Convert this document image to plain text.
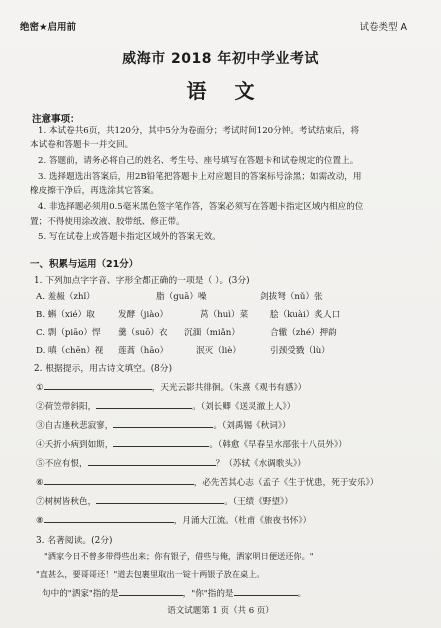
绝密★启用前	试卷类型 A
威海市 2018 年初中学业考试
语文
注意事项：
1. 本试卷共6页，共120分，其中5分为卷面分；考试时间120分钟。考试结束后，将
本试卷和答题卡一并交回。
2. 答题前，请务必将自己的姓名、考生号、座号填写在答题卡和试卷规定的位置上。
3. 选择题选出答案后，用2B铅笔把答题卡上对应题目的答案标号涂黑；如需改动，用
橡皮擦干净后，再选涂其它答案。
4. 非选择题必须用0.5毫米黑色签字笔作答，答案必须写在答题卡指定区域内相应的位
置；不得使用涂改液、胶带纸、修正带。
5. 写在试卷上或答题卡指定区域外的答案无效。
一、积累与运用（21分）
1. 下列加点字字音、字形全都正确的一项是（ ）。(3分)
A. 羞赧（zhǐ）	脂（guā）噪	剑拔弩（nǔ）张
B. 蝌（xié）取	发酵（jiào）	莴（huì）菜	脍（kuài）炙人口
C. 剽（piāo）悍 羹（suō）衣 沉湎（miǎn）	合辙（zhé）押韵
D. 嗔（chēn）视 莲蒿（hāo）	泯灭（liè）	引颈受戮（lù）
2. 根据提示，用古诗文填空。(8分)
①	，天光云影共徘徊。（朱熹《观书有感》）
②荷笠带斜阳，	。（刘长卿《送灵澈上人》）
③自古逢秋悲寂寥，	。（刘禹锡《秋词》）
④夭折小病到如斯，	。（韩愈《早春呈水部张十八员外》）
⑤不应有恨，	？（苏轼《水调歌头》）
⑥	，必先苦其心志（孟子《生于忧患，死于安乐》）
⑦树树皆秋色，	。（王绩《野望》）
⑧	，月涌大江流。（杜甫《旅夜书怀》）
3. 名著阅读。(2分)
"洒家今日不曾多带得些出来；你有银子，借些与俺，洒家明日便送还你。"
"直甚么，要哥哥还！"道去包裹里取出一锭十两银子放在桌上。
句中的"洒家"指的是	，"你"指的是	。
语文试题第 1 页（共 6 页）
